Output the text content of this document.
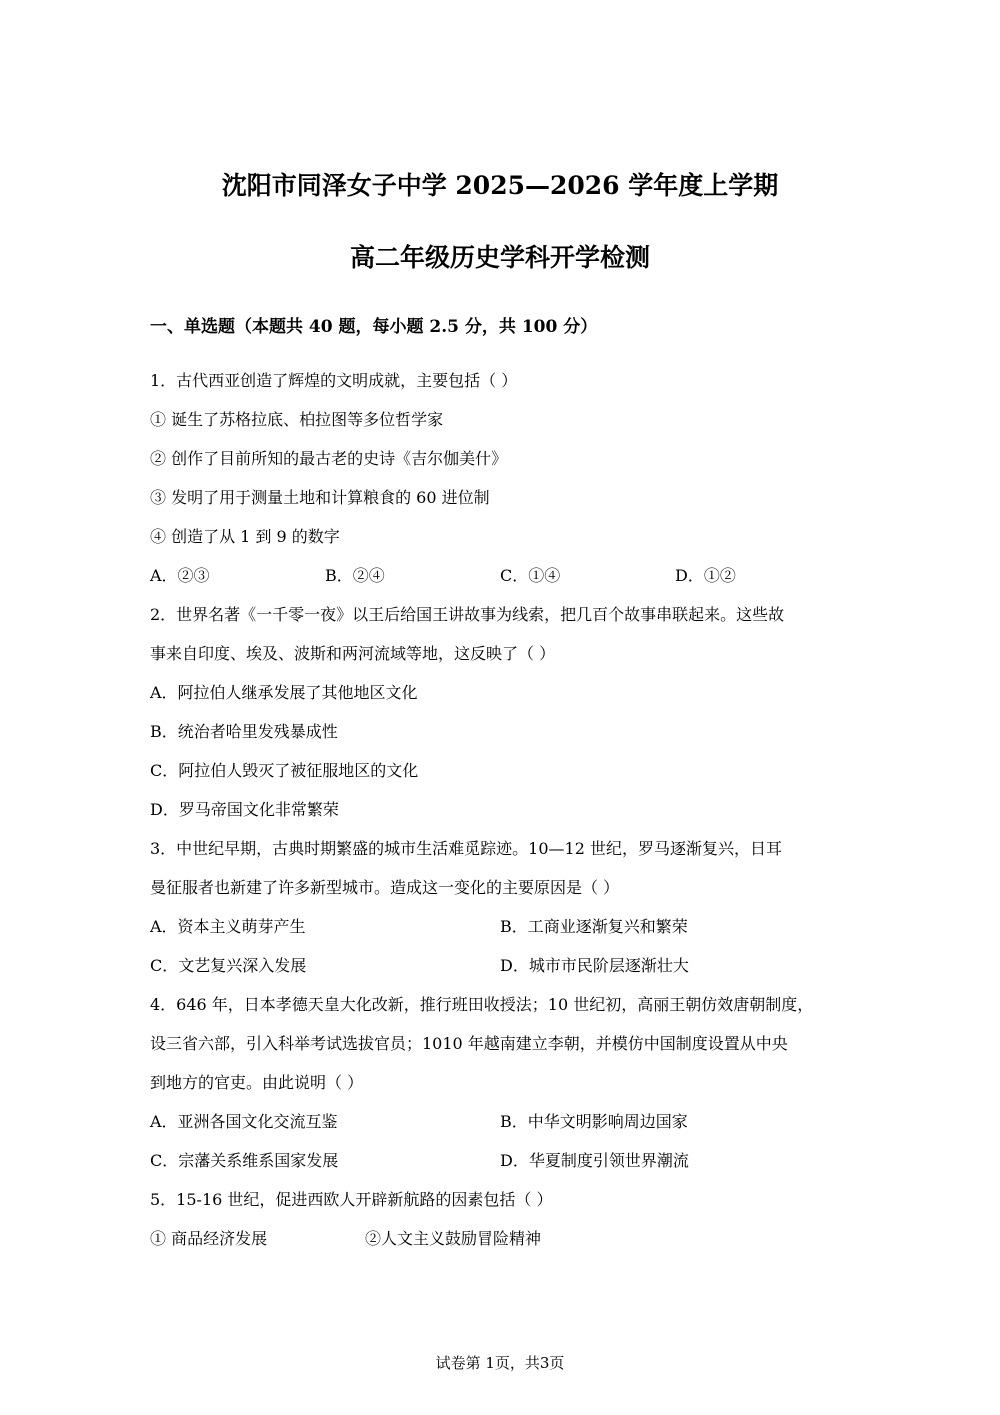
沈阳市同泽女子中学 2025—2026 学年度上学期
高二年级历史学科开学检测
一、单选题（本题共 40 题，每小题 2.5 分，共 100 分）
1．古代西亚创造了辉煌的文明成就，主要包括（ ）
① 诞生了苏格拉底、柏拉图等多位哲学家
② 创作了目前所知的最古老的史诗《吉尔伽美什》
③ 发明了用于测量土地和计算粮食的 60 进位制
④ 创造了从 1 到 9 的数字
A．②③	B．②④	C．①④	D．①②
2．世界名著《一千零一夜》以王后给国王讲故事为线索，把几百个故事串联起来。这些故
事来自印度、埃及、波斯和两河流域等地，这反映了（ ）
A．阿拉伯人继承发展了其他地区文化
B．统治者哈里发残暴成性
C．阿拉伯人毁灭了被征服地区的文化
D．罗马帝国文化非常繁荣
3．中世纪早期，古典时期繁盛的城市生活难觅踪迹。10—12 世纪，罗马逐渐复兴，日耳
曼征服者也新建了许多新型城市。造成这一变化的主要原因是（ ）
A．资本主义萌芽产生	B．工商业逐渐复兴和繁荣
C．文艺复兴深入发展	D．城市市民阶层逐渐壮大
4．646 年，日本孝德天皇大化改新，推行班田收授法；10 世纪初，高丽王朝仿效唐朝制度，
设三省六部，引入科举考试选拔官员；1010 年越南建立李朝，并模仿中国制度设置从中央
到地方的官吏。由此说明（ ）
A．亚洲各国文化交流互鉴	B．中华文明影响周边国家
C．宗藩关系维系国家发展	D．华夏制度引领世界潮流
5．15-16 世纪，促进西欧人开辟新航路的因素包括（ ）
① 商品经济发展	②人文主义鼓励冒险精神
试卷第 1页，共3页
